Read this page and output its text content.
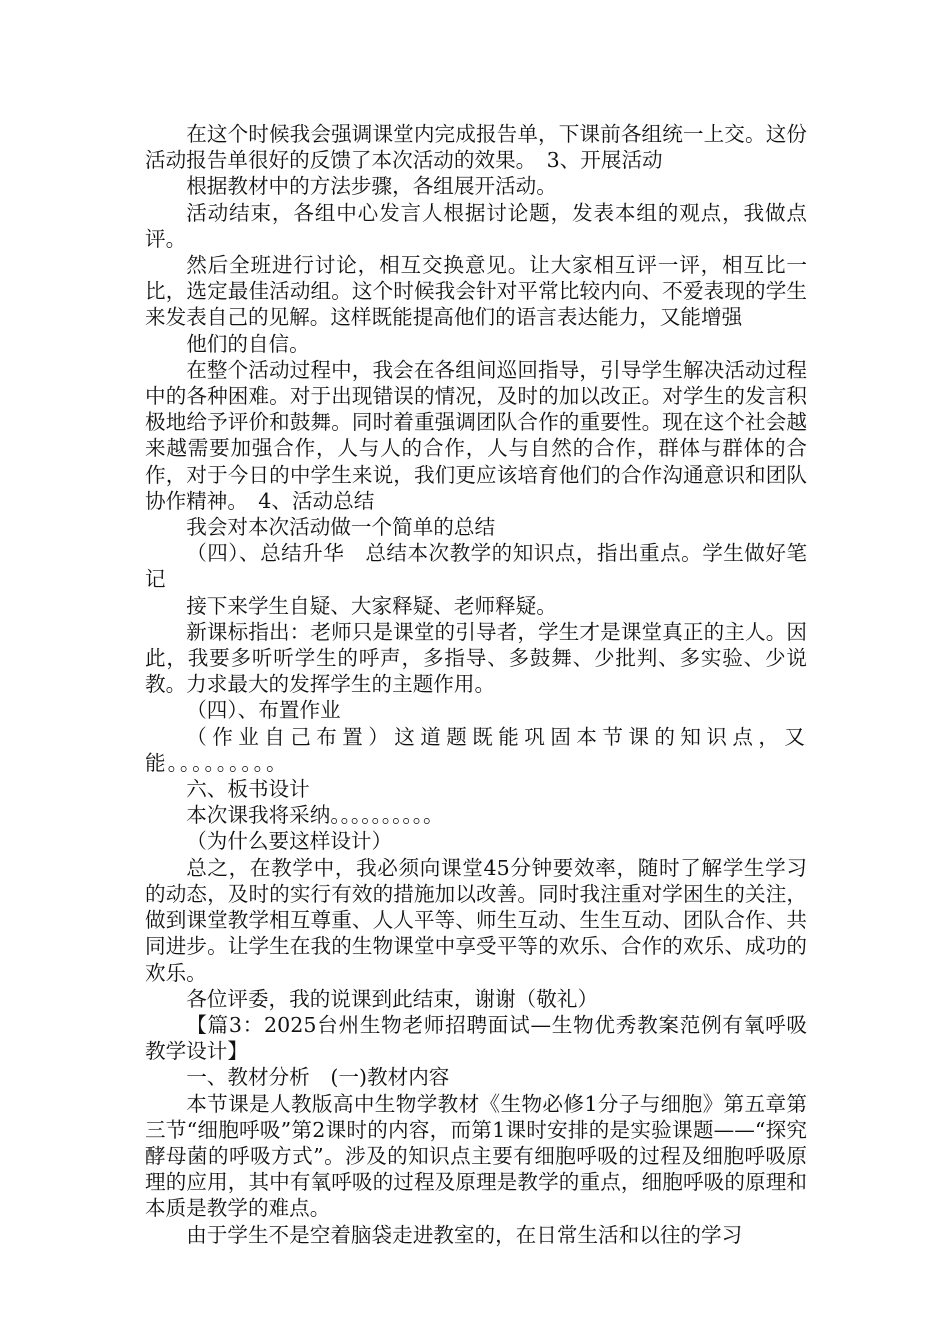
在这个时候我会强调课堂内完成报告单，下课前各组统一上交。这份活动报告单很好的反馈了本次活动的效果。　3、开展活动

根据教材中的方法步骤，各组展开活动。

活动结束，各组中心发言人根据讨论题，发表本组的观点，我做点评。

然后全班进行讨论，相互交换意见。让大家相互评一评，相互比一比，选定最佳活动组。这个时候我会针对平常比较内向、不爱表现的学生 来发表自己的见解。这样既能提高他们的语言表达能力，又能增强

他们的自信。

在整个活动过程中，我会在各组间巡回指导，引导学生解决活动过程中的各种困难。对于出现错误的情况，及时的加以改正。对学生的发言积极地给予评价和鼓舞。同时着重强调团队合作的重要性。现在这个社会越来越需要加强合作，人与人的合作，人与自然的合作，群体与群体的合作，对于今日的中学生来说，我们更应该培育他们的合作沟通意识和团队协作精神。　4、活动总结

我会对本次活动做一个简单的总结

（四）、总结升华　总结本次教学的知识点，指出重点。学生做好笔记

接下来学生自疑、大家释疑、老师释疑。

新课标指出：老师只是课堂的引导者，学生才是课堂真正的主人。因此，我要多听听学生的呼声，多指导、多鼓舞、少批判、多实验、少说教。力求最大的发挥学生的主题作用。

（四）、布置作业

（作业自己布置）这道题既能巩固本节课的知识点，又能。。。。。。。。。

六、板书设计

本次课我将采纳。。。。。。。。。。

（为什么要这样设计）

总之，在教学中，我必须向课堂45分钟要效率，随时了解学生学习的动态，及时的实行有效的措施加以改善。同时我注重对学困生的关注，做到课堂教学相互尊重、人人平等、师生互动、生生互动、团队合作、共同进步。让学生在我的生物课堂中享受平等的欢乐、合作的欢乐、成功的欢乐。

各位评委，我的说课到此结束，谢谢（敬礼）

【篇3：2025台州生物老师招聘面试—生物优秀教案范例有氧呼吸教学设计】

一、教材分析　(一)教材内容

本节课是人教版高中生物学教材《生物必修1分子与细胞》第五章第三节“细胞呼吸”第2课时的内容，而第1课时安排的是实验课题——“探究酵母菌的呼吸方式”。涉及的知识点主要有细胞呼吸的过程及细胞呼吸原理的应用，其中有氧呼吸的过程及原理是教学的重点，细胞呼吸的原理和本质是教学的难点。

由于学生不是空着脑袋走进教室的，在日常生活和以往的学习
